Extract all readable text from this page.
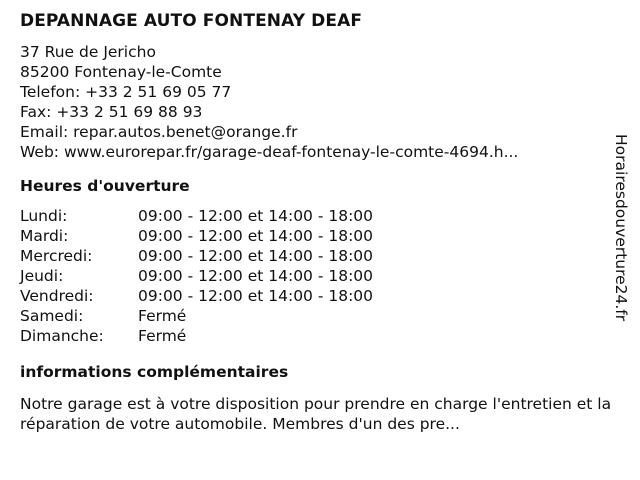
DEPANNAGE AUTO FONTENAY DEAF
37 Rue de Jericho
85200 Fontenay-le-Comte
Telefon: +33 2 51 69 05 77
Fax: +33 2 51 69 88 93
Email: repar.autos.benet@orange.fr
Web: www.eurorepar.fr/garage-deaf-fontenay-le-comte-4694.h...
Heures d'ouverture
Lundi:	09:00 - 12:00 et 14:00 - 18:00
Mardi:	09:00 - 12:00 et 14:00 - 18:00
Mercredi:	09:00 - 12:00 et 14:00 - 18:00
Jeudi:	09:00 - 12:00 et 14:00 - 18:00
Vendredi:	09:00 - 12:00 et 14:00 - 18:00
Samedi:	Fermé
Dimanche:	Fermé
informations complémentaires
Notre garage est à votre disposition pour prendre en charge l'entretien et la réparation de votre automobile. Membres d'un des pre...
Horairesdouverture24.fr
